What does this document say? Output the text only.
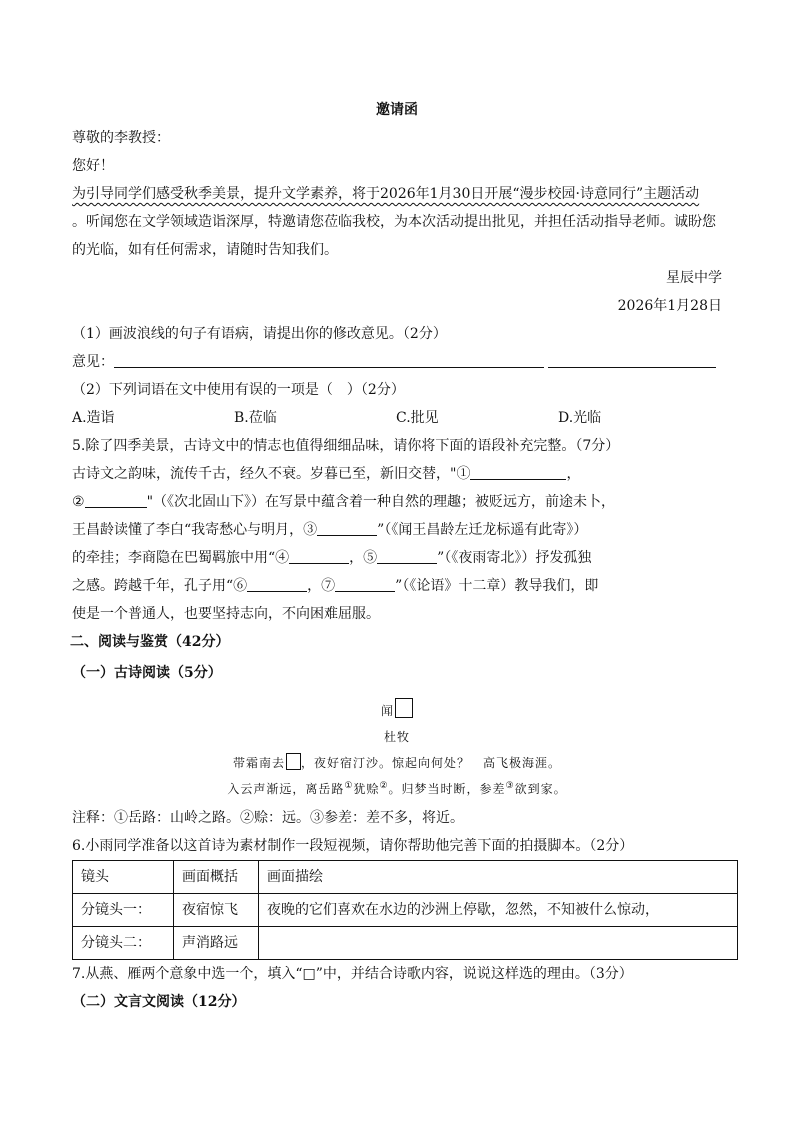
邀请函
尊敬的李教授：
您好！
为引导同学们感受秋季美景，提升文学素养，将于2026年1月30日开展“漫步校园·诗意同行”主题活动
。听闻您在文学领域造诣深厚，特邀请您莅临我校，为本次活动提出批见，并担任活动指导老师。诚盼您
的光临，如有任何需求，请随时告知我们。
星辰中学
2026年1月28日
（1）画波浪线的句子有语病，请提出你的修改意见。（2分）
意见：
（2）下列词语在文中使用有误的一项是（　）（2分）
A.造诣	B.莅临	C.批见	D.光临
5.除了四季美景，古诗文中的情志也值得细细品味，请你将下面的语段补充完整。（7分）
古诗文之韵味，流传千古，经久不衰。岁暮已至，新旧交替，"①	，
②	"（《次北固山下》）在写景中蕴含着一种自然的理趣；被贬远方，前途未卜，
王昌龄读懂了李白“我寄愁心与明月，③	”（《闻王昌龄左迁龙标遥有此寄》）
的牵挂；李商隐在巴蜀羁旅中用“④	，⑤	”（《夜雨寄北》）抒发孤独
之感。跨越千年，孔子用“⑥	，⑦	”（《论语》十二章）教导我们，即
使是一个普通人，也要坚持志向，不向困难屈服。
二、阅读与鉴赏（42分）
（一）古诗阅读（5分）
闻
杜牧
带霜南去 ，夜好宿汀沙。惊起向何处？　高飞极海涯。
入云声渐远，离岳路①犹赊②。归梦当时断，参差③欲到家。
注释：①岳路：山岭之路。②赊：远。③参差：差不多，将近。
6.小雨同学准备以这首诗为素材制作一段短视频，请你帮助他完善下面的拍摄脚本。（2分）
镜头	画面概括	画面描绘
分镜头一：	夜宿惊飞	夜晚的它们喜欢在水边的沙洲上停歇，忽然，不知被什么惊动，
分镜头二：	声消路远	
7.从燕、雁两个意象中选一个，填入“□”中，并结合诗歌内容，说说这样选的理由。（3分）
（二）文言文阅读（12分）
